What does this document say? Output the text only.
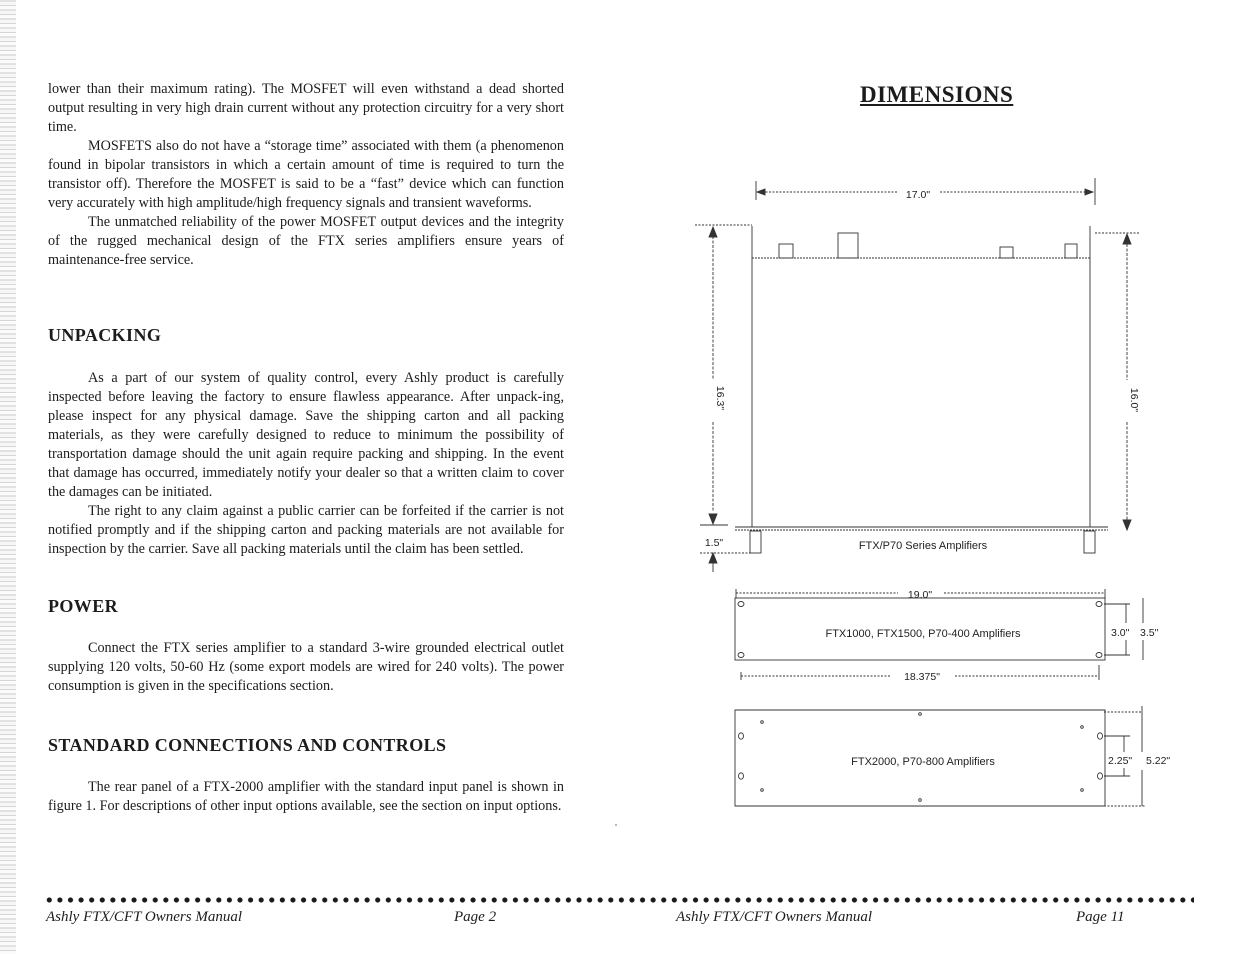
lower than their maximum rating). The MOSFET will even withstand a dead shorted output resulting in very high drain current without any protection circuitry for a very short time.

MOSFETS also do not have a “storage time” associated with them (a phenomenon found in bipolar transistors in which a certain amount of time is required to turn the transistor off). Therefore the MOSFET is said to be a “fast” device which can function very accurately with high amplitude/high frequency signals and transient waveforms.

The unmatched reliability of the power MOSFET output devices and the integrity of the rugged mechanical design of the FTX series amplifiers ensure years of maintenance-free service.

UNPACKING

As a part of our system of quality control, every Ashly product is carefully inspected before leaving the factory to ensure flawless appearance. After unpack-ing, please inspect for any physical damage. Save the shipping carton and all packing materials, as they were carefully designed to reduce to minimum the possibility of transportation damage should the unit again require packing and shipping. In the event that damage has occurred, immediately notify your dealer so that a written claim to cover the damages can be initiated.

The right to any claim against a public carrier can be forfeited if the carrier is not notified promptly and if the shipping carton and packing materials are not available for inspection by the carrier. Save all packing materials until the claim has been settled.

POWER

Connect the FTX series amplifier to a standard 3-wire grounded electrical outlet supplying 120 volts, 50-60 Hz (some export models are wired for 240 volts). The power consumption is given in the specifications section.

STANDARD CONNECTIONS AND CONTROLS

The rear panel of a FTX-2000 amplifier with the standard input panel is shown in figure 1. For descriptions of other input options available, see the section on input options.

DIMENSIONS
17.0"
16.3"	16.0"
1.5"	FTX/P70 Series Amplifiers
19.0"
FTX1000, FTX1500, P70-400 Amplifiers	3.0" 3.5"
18.375"
FTX2000, P70-800 Amplifiers	2.25" 5.22"
Ashly FTX/CFT Owners Manual	Page 2	Ashly FTX/CFT Owners Manual	Page 11
